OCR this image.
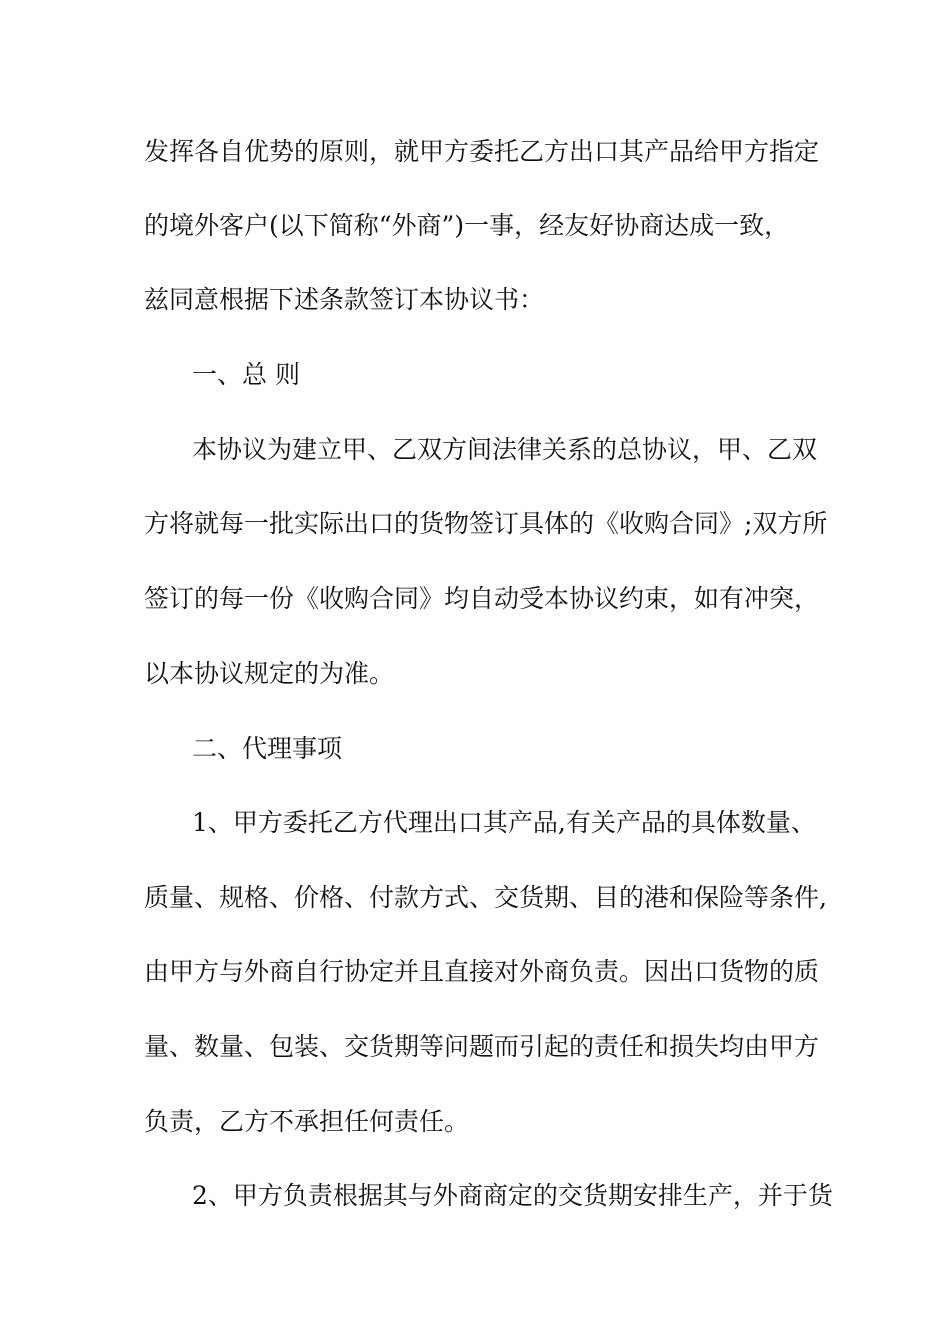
发挥各自优势的原则，就甲方委托乙方出口其产品给甲方指定
的境外客户(以下简称“外商”)一事，经友好协商达成一致，
兹同意根据下述条款签订本协议书：
一、总 则
本协议为建立甲、乙双方间法律关系的总协议，甲、乙双
方将就每一批实际出口的货物签订具体的《收购合同》;双方所
签订的每一份《收购合同》均自动受本协议约束，如有冲突，
以本协议规定的为准。
二、代理事项
1、甲方委托乙方代理出口其产品,有关产品的具体数量、
质量、规格、价格、付款方式、交货期、目的港和保险等条件,
由甲方与外商自行协定并且直接对外商负责。因出口货物的质
量、数量、包装、交货期等问题而引起的责任和损失均由甲方
负责，乙方不承担任何责任。
2、甲方负责根据其与外商商定的交货期安排生产，并于货
